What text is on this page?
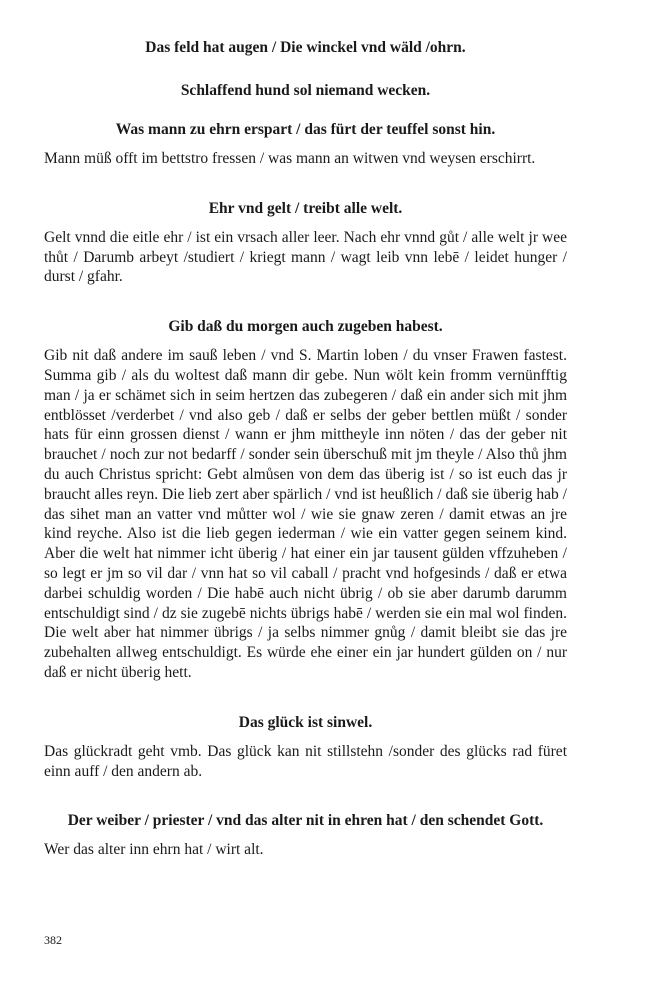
Das feld hat augen / Die winckel vnd wäld /ohrn.

Schlaffend hund sol niemand wecken.

Was mann zu ehrn erspart / das fürt der teuffel sonst hin.

Mann müß offt im bettstro fressen / was mann an witwen vnd weysen erschirrt.

Ehr vnd gelt / treibt alle welt.

Gelt vnnd die eitle ehr / ist ein vrsach aller leer. Nach ehr vnnd gůt / alle welt jr wee thůt / Darumb arbeyt /studiert / kriegt mann / wagt leib vnn lebē / leidet hunger / durst / gfahr.

Gib daß du morgen auch zugeben habest.

Gib nit daß andere im sauß leben / vnd S. Martin loben / du vnser Frawen fastest. Summa gib / als du woltest daß mann dir gebe. Nun wölt kein fromm vernünfftig man / ja er schämet sich in seim hertzen das zubegeren / daß ein ander sich mit jhm entblösset /verderbet / vnd also geb / daß er selbs der geber bettlen müßt / sonder hats für einn grossen dienst / wann er jhm mittheyle inn nöten / das der geber nit brauchet / noch zur not bedarff / sonder sein überschuß mit jm theyle / Also thů jhm du auch Christus spricht: Gebt almůsen von dem das überig ist / so ist euch das jr braucht alles reyn. Die lieb zert aber spärlich / vnd ist heußlich / daß sie überig hab / das sihet man an vatter vnd můtter wol / wie sie gnaw zeren / damit etwas an jre kind reyche. Also ist die lieb gegen iederman / wie ein vatter gegen seinem kind. Aber die welt hat nimmer icht überig / hat einer ein jar tausent gülden vffzuheben / so legt er jm so vil dar / vnn hat so vil caball / pracht vnd hofgesinds / daß er etwa darbei schuldig worden / Die habē auch nicht übrig / ob sie aber darumb darumm entschuldigt sind / dz sie zugebē nichts übrigs habē / werden sie ein mal wol finden. Die welt aber hat nimmer übrigs / ja selbs nimmer gnůg / damit bleibt sie das jre zubehalten allweg entschuldigt. Es würde ehe einer ein jar hundert gülden on / nur daß er nicht überig hett.

Das glück ist sinwel.

Das glückradt geht vmb. Das glück kan nit stillstehn /sonder des glücks rad füret einn auff / den andern ab.

Der weiber / priester / vnd das alter nit in ehren hat / den schendet Gott.

Wer das alter inn ehrn hat / wirt alt.

382
